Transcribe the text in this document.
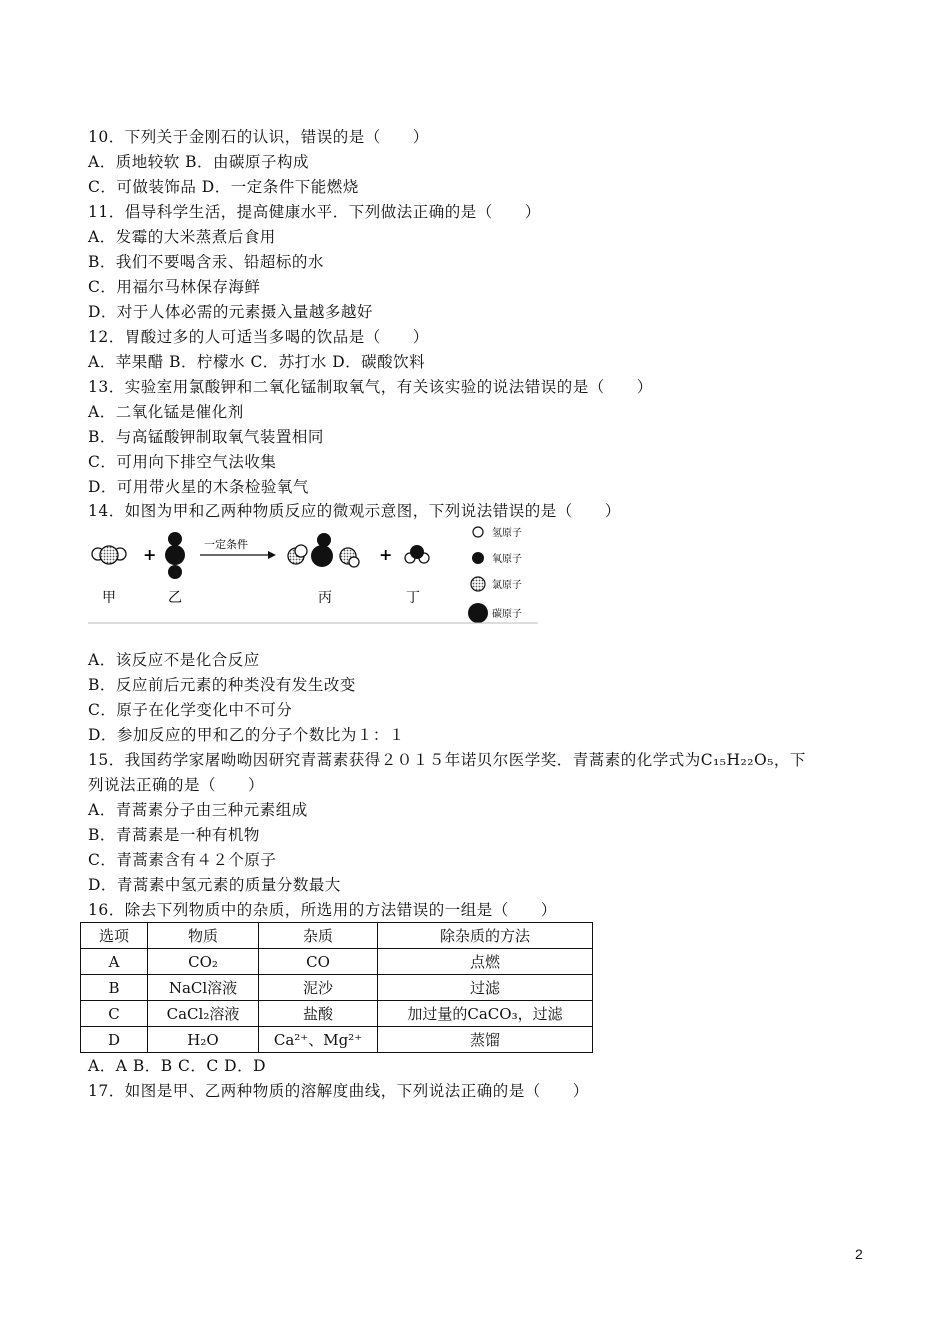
10．下列关于金刚石的认识，错误的是（　　）
A．质地较软 B．由碳原子构成
C．可做装饰品 D．一定条件下能燃烧
11．倡导科学生活，提高健康水平．下列做法正确的是（　　）
A．发霉的大米蒸煮后食用
B．我们不要喝含汞、铅超标的水
C．用福尔马林保存海鲜
D．对于人体必需的元素摄入量越多越好
12．胃酸过多的人可适当多喝的饮品是（　　）
A．苹果醋 B．柠檬水 C．苏打水 D．碳酸饮料
13．实验室用氯酸钾和二氧化锰制取氧气，有关该实验的说法错误的是（　　）
A．二氧化锰是催化剂
B．与高锰酸钾制取氧气装置相同
C．可用向下排空气法收集
D．可用带火星的木条检验氧气
14．如图为甲和乙两种物质反应的微观示意图，下列说法错误的是（　　）
+
一定条件
+
甲	乙	丙	丁
氢原子
氧原子
氯原子
碳原子
A．该反应不是化合反应
B．反应前后元素的种类没有发生改变
C．原子在化学变化中不可分
D．参加反应的甲和乙的分子个数比为１：１
15．我国药学家屠呦呦因研究青蒿素获得２０１５年诺贝尔医学奖．青蒿素的化学式为C₁₅H₂₂O₅，下
列说法正确的是（　　）
A．青蒿素分子由三种元素组成
B．青蒿素是一种有机物
C．青蒿素含有４２个原子
D．青蒿素中氢元素的质量分数最大
16．除去下列物质中的杂质，所选用的方法错误的一组是（　　）
选项	物质	杂质	除杂质的方法
A	CO₂	CO	点燃
B	NaCl溶液	泥沙	过滤
C	CaCl₂溶液	盐酸	加过量的CaCO₃，过滤
D	H₂O	Ca²⁺、Mg²⁺	蒸馏
A．A B．B C．C D．D
17．如图是甲、乙两种物质的溶解度曲线，下列说法正确的是（　　）
2
